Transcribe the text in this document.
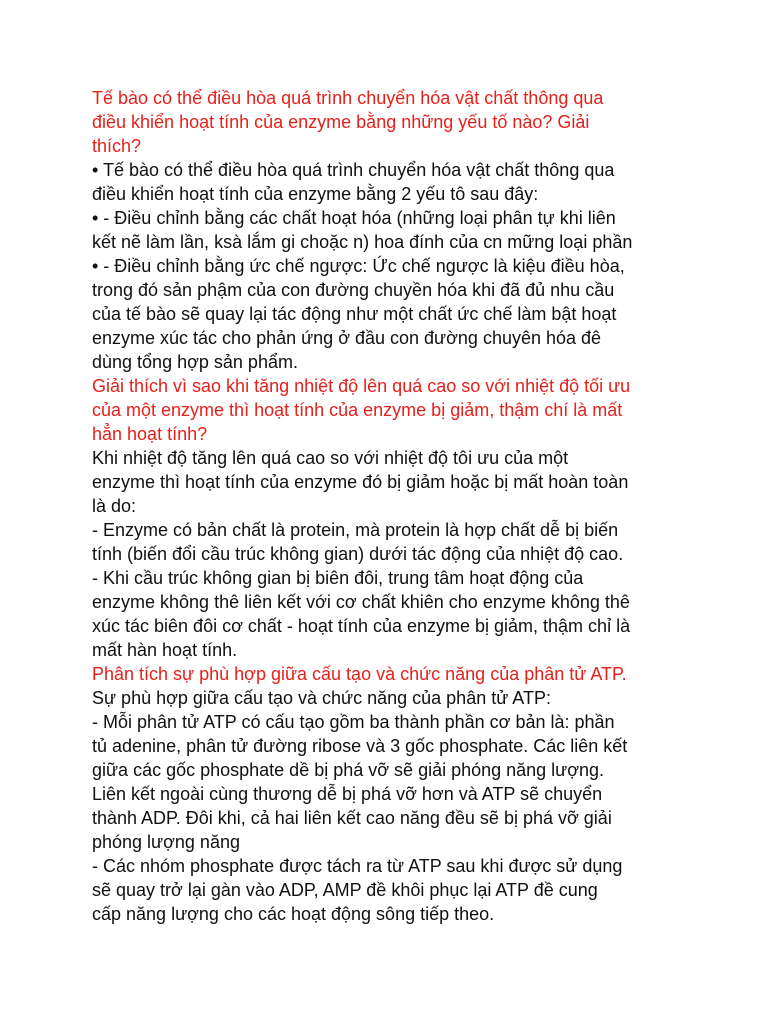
Tế bào có thể điều hòa quá trình chuyển hóa vật chất thông qua
điều khiển hoạt tính của enzyme bằng những yếu tố nào? Giải
thích?
• Tế bào có thể điều hòa quá trình chuyển hóa vật chất thông qua
điều khiển hoạt tính của enzyme bằng 2 yếu tô sau đây:
• - Điều chỉnh bằng các chất hoạt hóa (những loại phân tự khi liên
kết nẽ làm lần, ksà lắm gi choặc n) hoa đính của cn mững loại phần
• - Điều chỉnh bằng ức chế ngược: Ức chế ngược là kiệu điều hòa,
trong đó sản phậm của con đường chuyền hóa khi đã đủ nhu cầu
của tế bào sẽ quay lại tác động như một chất ức chế làm bật hoạt
enzyme xúc tác cho phản ứng ở đầu con đường chuyên hóa đê
dùng tổng hợp sản phẩm.
Giải thích vì sao khi tăng nhiệt độ lên quá cao so với nhiệt độ tối ưu
của một enzyme thì hoạt tính của enzyme bị giảm, thậm chí là mất
hẳn hoạt tính?
Khi nhiệt độ tăng lên quá cao so với nhiệt độ tôi ưu của một
enzyme thì hoạt tính của enzyme đó bị giảm hoặc bị mất hoàn toàn
là do:
- Enzyme có bản chất là protein, mà protein là hợp chất dễ bị biến
tính (biến đổi cầu trúc không gian) dưới tác động của nhiệt độ cao.
- Khi cầu trúc không gian bị biên đôi, trung tâm hoạt động của
enzyme không thê liên kết với cơ chất khiên cho enzyme không thê
xúc tác biên đôi cơ chất - hoạt tính của enzyme bị giảm, thậm chỉ là
mất hàn hoạt tính.
Phân tích sự phù hợp giữa cấu tạo và chức năng của phân tử ATP.
Sự phù hợp giữa cấu tạo và chức năng của phân tử ATP:
- Mỗi phân tử ATP có cấu tạo gồm ba thành phần cơ bản là: phần
tủ adenine, phân tử đường ribose và 3 gốc phosphate. Các liên kết
giữa các gốc phosphate dề bị phá vỡ sẽ giải phóng năng lượng.
Liên kết ngoài cùng thương dễ bị phá vỡ hơn và ATP sẽ chuyển
thành ADP. Đôi khi, cả hai liên kết cao năng đều sẽ bị phá vỡ giải
phóng lượng năng
- Các nhóm phosphate được tách ra từ ATP sau khi được sử dụng
sẽ quay trở lại gàn vào ADP, AMP đề khôi phục lại ATP đề cung
cấp năng lượng cho các hoạt động sông tiếp theo.
